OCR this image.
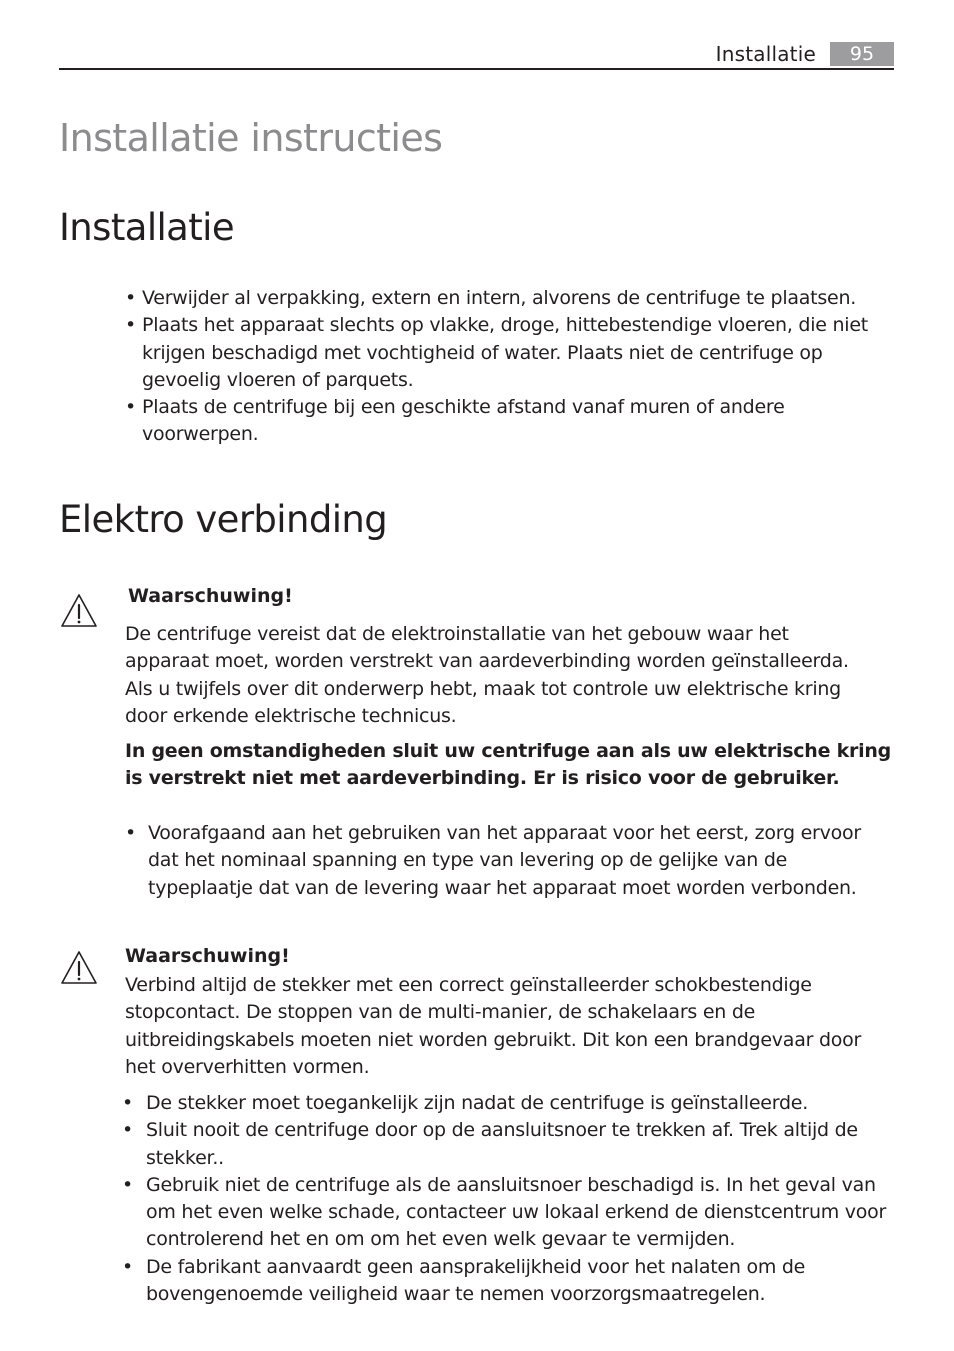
Installatie	95
Installatie instructies
Installatie
• Verwijder al verpakking, extern en intern, alvorens de centrifuge te plaatsen.
• Plaats het apparaat slechts op vlakke, droge, hittebestendige vloeren, die niet krijgen beschadigd met vochtigheid of water. Plaats niet de centrifuge op gevoelig vloeren of parquets.
• Plaats de centrifuge bij een geschikte afstand vanaf muren of andere voorwerpen.
Elektro verbinding
Waarschuwing!

De centrifuge vereist dat de elektroinstallatie van het gebouw waar het apparaat moet, worden verstrekt van aardeverbinding worden geïnstalleerda. Als u twijfels over dit onderwerp hebt, maak tot controle uw elektrische kring door erkende elektrische technicus.

In geen omstandigheden sluit uw centrifuge aan als uw elektrische kring is verstrekt niet met aardeverbinding. Er is risico voor de gebruiker.

• Voorafgaand aan het gebruiken van het apparaat voor het eerst, zorg ervoor dat het nominaal spanning en type van levering op de gelijke van de typeplaatje dat van de levering waar het apparaat moet worden verbonden.
Waarschuwing!

Verbind altijd de stekker met een correct geïnstalleerder schokbestendige stopcontact. De stoppen van de multi-manier, de schakelaars en de uitbreidingskabels moeten niet worden gebruikt. Dit kon een brandgevaar door het oververhitten vormen.

• De stekker moet toegankelijk zijn nadat de centrifuge is geïnstalleerde.
• Sluit nooit de centrifuge door op de aansluitsnoer te trekken af. Trek altijd de stekker..
• Gebruik niet de centrifuge als de aansluitsnoer beschadigd is. In het geval van om het even welke schade, contacteer uw lokaal erkend de dienstcentrum voor controlerend het en om om het even welk gevaar te vermijden.
• De fabrikant aanvaardt geen aansprakelijkheid voor het nalaten om de bovengenoemde veiligheid waar te nemen voorzorgsmaatregelen.
